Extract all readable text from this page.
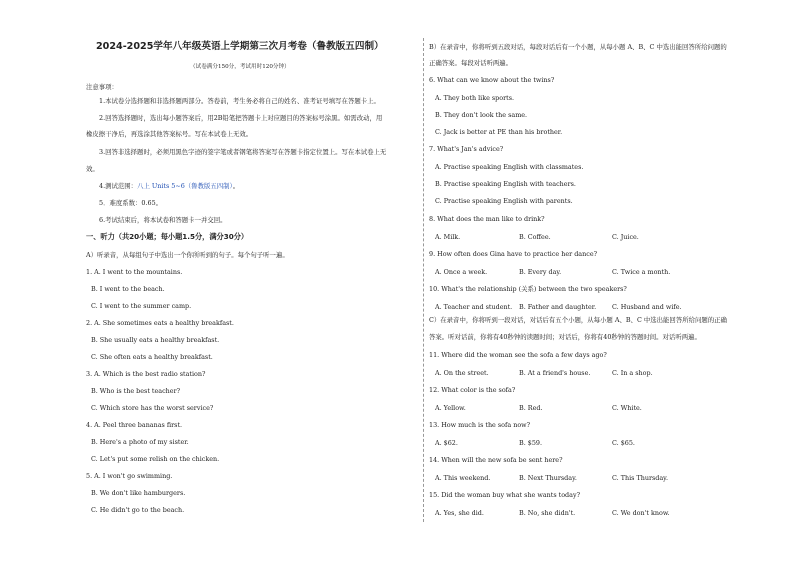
2024-2025学年八年级英语上学期第三次月考卷（鲁教版五四制）
（试卷满分150分，考试用时120分钟）
注意事项：
1.本试卷分选择题和非选择题两部分。答卷前，考生务必将自己的姓名、准考证号填写在答题卡上。
2.回答选择题时，选出每小题答案后，用2B铅笔把答题卡上对应题目的答案标号涂黑。如需改动，用
橡皮擦干净后，再选涂其他答案标号。写在本试卷上无效。
3.回答非选择题时，必须用黑色字迹的签字笔或者钢笔将答案写在答题卡指定位置上。写在本试卷上无
效。
4.测试范围：八上 Units 5~6（鲁教版五四制）。
5．难度系数：0.65。
6.考试结束后，将本试卷和答题卡一并交回。
一、听力（共20小题；每小题1.5分，满分30分）
A）听录音，从每组句子中选出一个你所听到的句子。每个句子听一遍。
1. A. I went to the mountains.
B. I went to the beach.
C. I went to the summer camp.
2. A. She sometimes eats a healthy breakfast.
B. She usually eats a healthy breakfast.
C. She often eats a healthy breakfast.
3. A. Which is the best radio station?
B. Who is the best teacher?
C. Which store has the worst service?
4. A. Peel three bananas first.
B. Here's a photo of my sister.
C. Let's put some relish on the chicken.
5. A. I won't go swimming.
B. We don't like hamburgers.
C. He didn't go to the beach.
B）在录音中，你将听到五段对话，每段对话后有一个小题，从每小题 A、B、C 中选出能回答所给问题的
正确答案。每段对话听两遍。
6. What can we know about the twins?
A. They both like sports.
B. They don't look the same.
C. Jack is better at PE than his brother.
7. What's Jan's advice?
A. Practise speaking English with classmates.
B. Practise speaking English with teachers.
C. Practise speaking English with parents.
8. What does the man like to drink?
A. Milk.	B. Coffee.	C. Juice.
9. How often does Gina have to practice her dance?
A. Once a week.	B. Every day.	C. Twice a month.
10. What's the relationship (关系) between the two speakers?
A. Teacher and student. B. Father and daughter. C. Husband and wife.
C）在录音中，你将听到一段对话，对话后有五个小题，从每小题 A、B、C 中选出能回答所给问题的正确
答案。听对话前，你将有40秒钟的读题时间；对话后，你将有40秒钟的答题时间。对话听两遍。
11. Where did the woman see the sofa a few days ago?
A. On the street.	B. At a friend's house.	C. In a shop.
12. What color is the sofa?
A. Yellow.	B. Red.	C. White.
13. How much is the sofa now?
A. $62.	B. $59.	C. $65.
14. When will the new sofa be sent here?
A. This weekend.	B. Next Thursday.	C. This Thursday.
15. Did the woman buy what she wants today?
A. Yes, she did.	B. No, she didn't.	C. We don't know.
